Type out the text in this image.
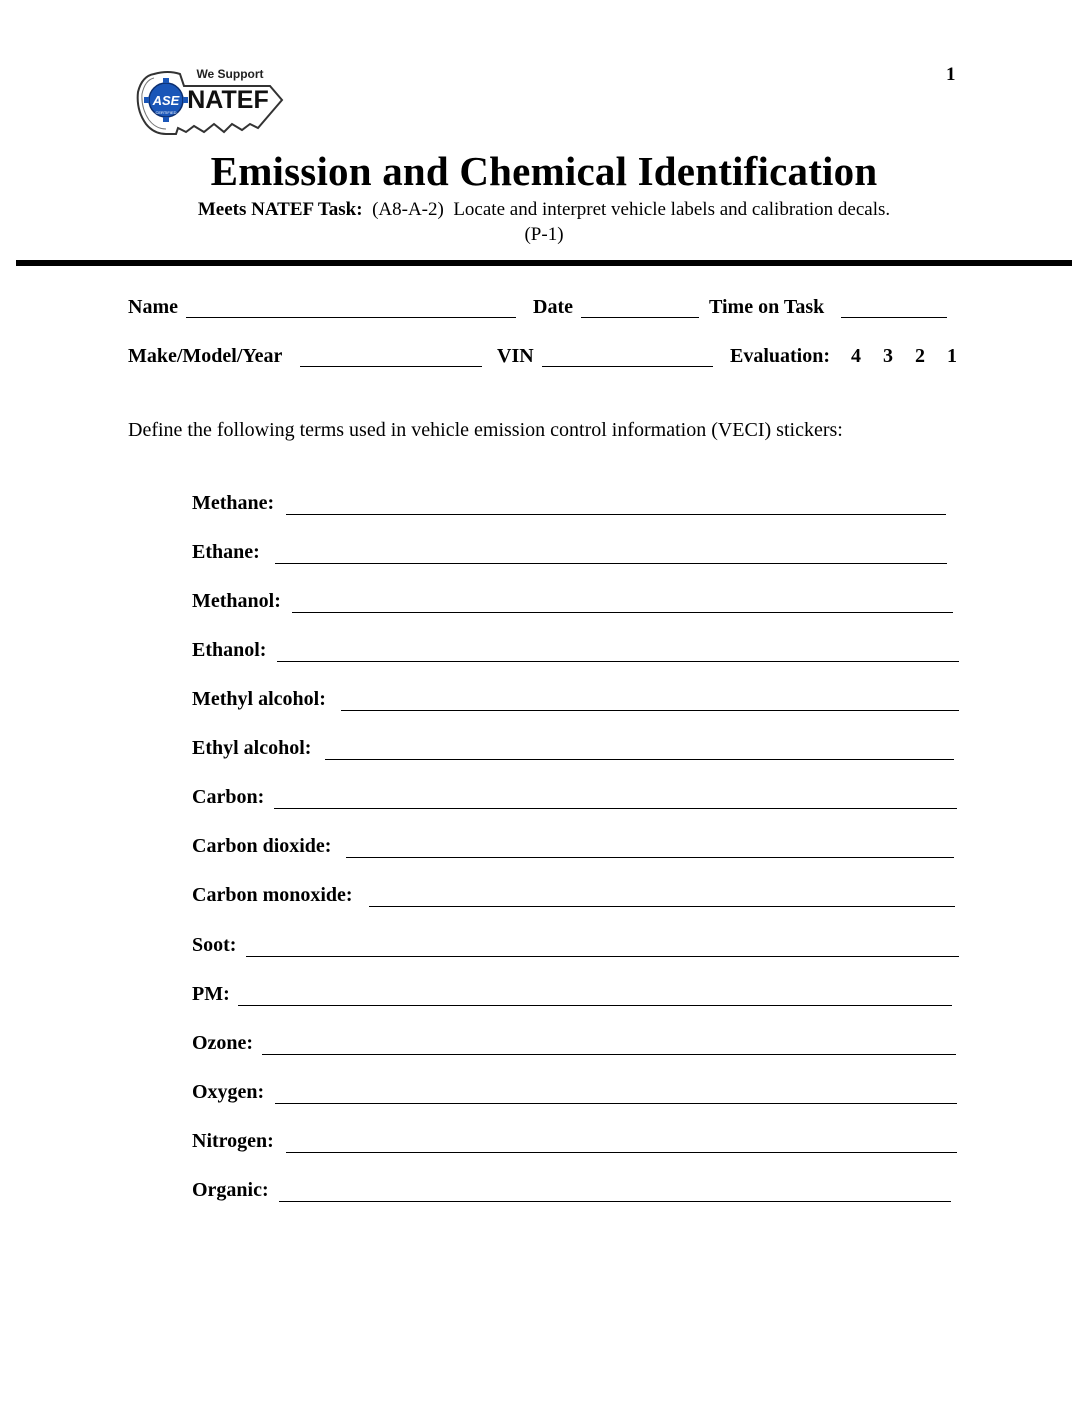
1
ASE
CERTIFIED
We Support
NATEF
Emission and Chemical Identification
Meets NATEF Task: (A8-A-2) Locate and interpret vehicle labels and calibration decals.
(P-1)
Name	Date	Time on Task
Make/Model/Year	VIN	Evaluation: 4 3 2 1
Define the following terms used in vehicle emission control information (VECI) stickers:
Methane:
Ethane:
Methanol:
Ethanol:
Methyl alcohol:
Ethyl alcohol:
Carbon:
Carbon dioxide:
Carbon monoxide:
Soot:
PM:
Ozone:
Oxygen:
Nitrogen:
Organic:
